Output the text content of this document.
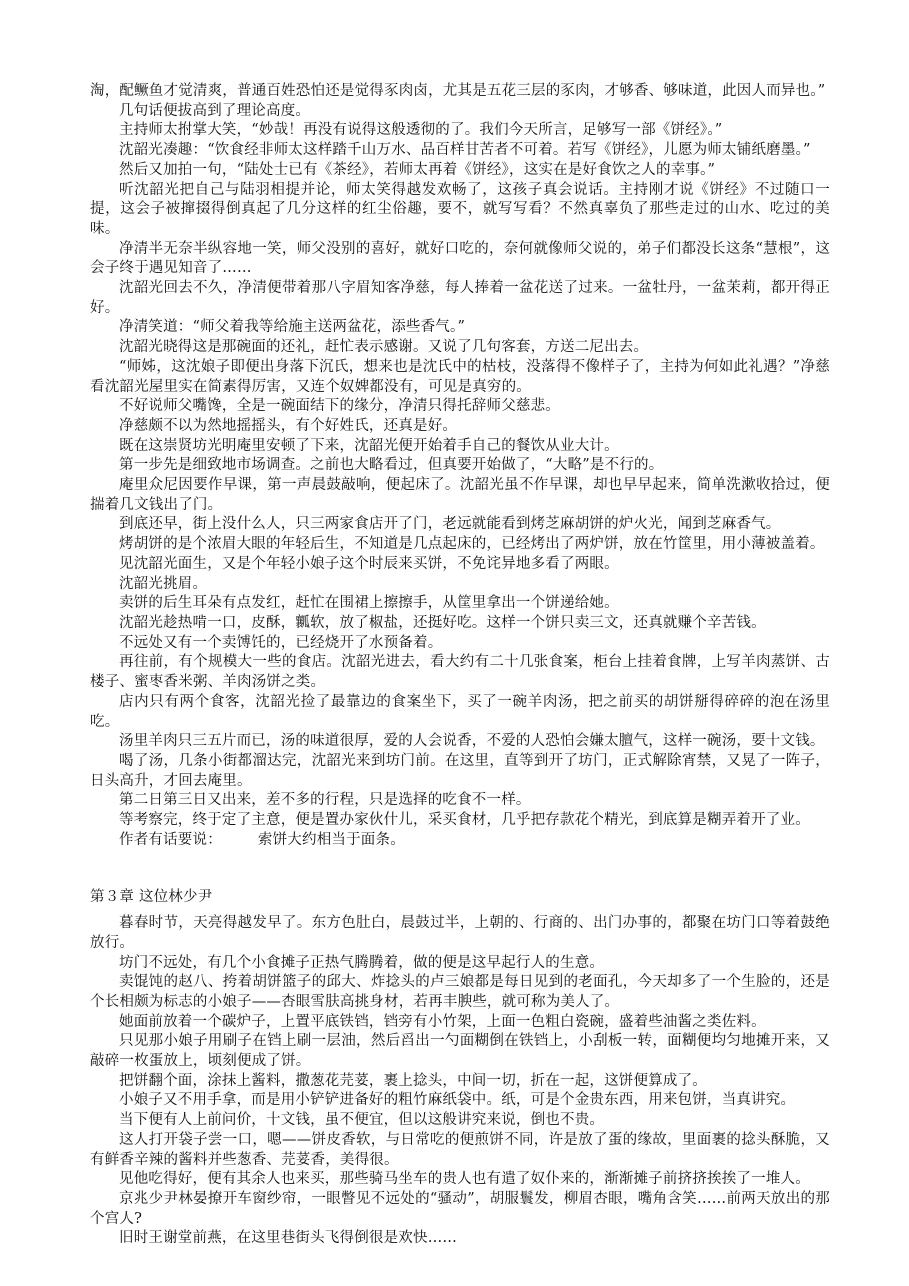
淘，配鳜鱼才觉清爽，普通百姓恐怕还是觉得豕肉卤，尤其是五花三层的豕肉，才够香、够味道，此因人而异也。”

几句话便拔高到了理论高度。

主持师太拊掌大笑，“妙哉！再没有说得这般透彻的了。我们今天所言，足够写一部《饼经》。”

沈韶光凑趣：“饮食经非师太这样踏千山万水、品百样甘苦者不可着。若写《饼经》，儿愿为师太铺纸磨墨。”

然后又加拍一句，“陆处士已有《茶经》，若师太再着《饼经》，这实在是好食饮之人的幸事。”

听沈韶光把自己与陆羽相提并论，师太笑得越发欢畅了，这孩子真会说话。主持刚才说《饼经》不过随口一提，这会子被撺掇得倒真起了几分这样的红尘俗趣，要不，就写写看？不然真辜负了那些走过的山水、吃过的美味。

净清半无奈半纵容地一笑，师父没别的喜好，就好口吃的，奈何就像师父说的，弟子们都没长这条“慧根”，这会子终于遇见知音了……

沈韶光回去不久，净清便带着那八字眉知客净慈，每人捧着一盆花送了过来。一盆牡丹，一盆茉莉，都开得正好。

净清笑道：“师父着我等给施主送两盆花，添些香气。”

沈韶光晓得这是那碗面的还礼，赶忙表示感谢。又说了几句客套，方送二尼出去。

“师姊，这沈娘子即便出身落下沉氏，想来也是沈氏中的枯枝，没落得不像样子了，主持为何如此礼遇？”净慈看沈韶光屋里实在简素得厉害，又连个奴婢都没有，可见是真穷的。

不好说师父嘴馋，全是一碗面结下的缘分，净清只得托辞师父慈悲。

净慈颇不以为然地摇摇头，有个好姓氏，还真是好。

既在这崇贤坊光明庵里安顿了下来，沈韶光便开始着手自己的餐饮从业大计。

第一步先是细致地市场调查。之前也大略看过，但真要开始做了，“大略”是不行的。

庵里众尼因要作早课，第一声晨鼓敲响，便起床了。沈韶光虽不作早课，却也早早起来，简单洗漱收拾过，便揣着几文钱出了门。

到底还早，街上没什么人，只三两家食店开了门，老远就能看到烤芝麻胡饼的炉火光，闻到芝麻香气。

烤胡饼的是个浓眉大眼的年轻后生，不知道是几点起床的，已经烤出了两炉饼，放在竹筐里，用小薄被盖着。

见沈韶光面生，又是个年轻小娘子这个时辰来买饼，不免诧异地多看了两眼。

沈韶光挑眉。

卖饼的后生耳朵有点发红，赶忙在围裙上擦擦手，从筐里拿出一个饼递给她。

沈韶光趁热啃一口，皮酥，瓤软，放了椒盐，还挺好吃。这样一个饼只卖三文，还真就赚个辛苦钱。

不远处又有一个卖馎饦的，已经烧开了水预备着。

再往前，有个规模大一些的食店。沈韶光进去，看大约有二十几张食案，柜台上挂着食牌，上写羊肉蒸饼、古楼子、蜜枣香米粥、羊肉汤饼之类。

店内只有两个食客，沈韶光捡了最靠边的食案坐下，买了一碗羊肉汤，把之前买的胡饼掰得碎碎的泡在汤里吃。

汤里羊肉只三五片而已，汤的味道很厚，爱的人会说香，不爱的人恐怕会嫌太膻气，这样一碗汤，要十文钱。

喝了汤，几条小街都溜达完，沈韶光来到坊门前。在这里，直等到开了坊门，正式解除宵禁，又晃了一阵子，日头高升，才回去庵里。

第二日第三日又出来，差不多的行程，只是选择的吃食不一样。

等考察完，终于定了主意，便是置办家伙什儿，采买食材，几乎把存款花个精光，到底算是糊弄着开了业。

作者有话要说：	索饼大约相当于面条。

第３章 这位林少尹

暮春时节，天亮得越发早了。东方色肚白，晨鼓过半，上朝的、行商的、出门办事的，都聚在坊门口等着鼓绝放行。

坊门不远处，有几个小食摊子正热气腾腾着，做的便是这早起行人的生意。

卖馄饨的赵八、挎着胡饼篮子的邱大、炸捻头的卢三娘都是每日见到的老面孔，今天却多了一个生脸的，还是个长相颇为标志的小娘子——杏眼雪肤高挑身材，若再丰腴些，就可称为美人了。

她面前放着一个碳炉子，上置平底铁铛，铛旁有小竹架，上面一色粗白瓷碗，盛着些油酱之类佐料。

只见那小娘子用刷子在铛上刷一层油，然后舀出一勺面糊倒在铁铛上，小刮板一转，面糊便均匀地摊开来，又敲碎一枚蛋放上，顷刻便成了饼。

把饼翻个面，涂抹上酱料，撒葱花芫荽，裹上捻头，中间一切，折在一起，这饼便算成了。

小娘子又不用手拿，而是用小铲铲进备好的粗竹麻纸袋中。纸，可是个金贵东西，用来包饼，当真讲究。

当下便有人上前问价，十文钱，虽不便宜，但以这般讲究来说，倒也不贵。

这人打开袋子尝一口，嗯——饼皮香软，与日常吃的便煎饼不同，许是放了蛋的缘故，里面裹的捻头酥脆，又有鲜香辛辣的酱料并些葱香、芫荽香，美得很。

见他吃得好，便有其余人也来买，那些骑马坐车的贵人也有遣了奴仆来的，渐渐摊子前挤挤挨挨了一堆人。

京兆少尹林晏撩开车窗纱帘，一眼瞥见不远处的“骚动”，胡服鬟发，柳眉杏眼，嘴角含笑……前两天放出的那个宫人?

旧时王谢堂前燕，在这里巷街头飞得倒很是欢快……
